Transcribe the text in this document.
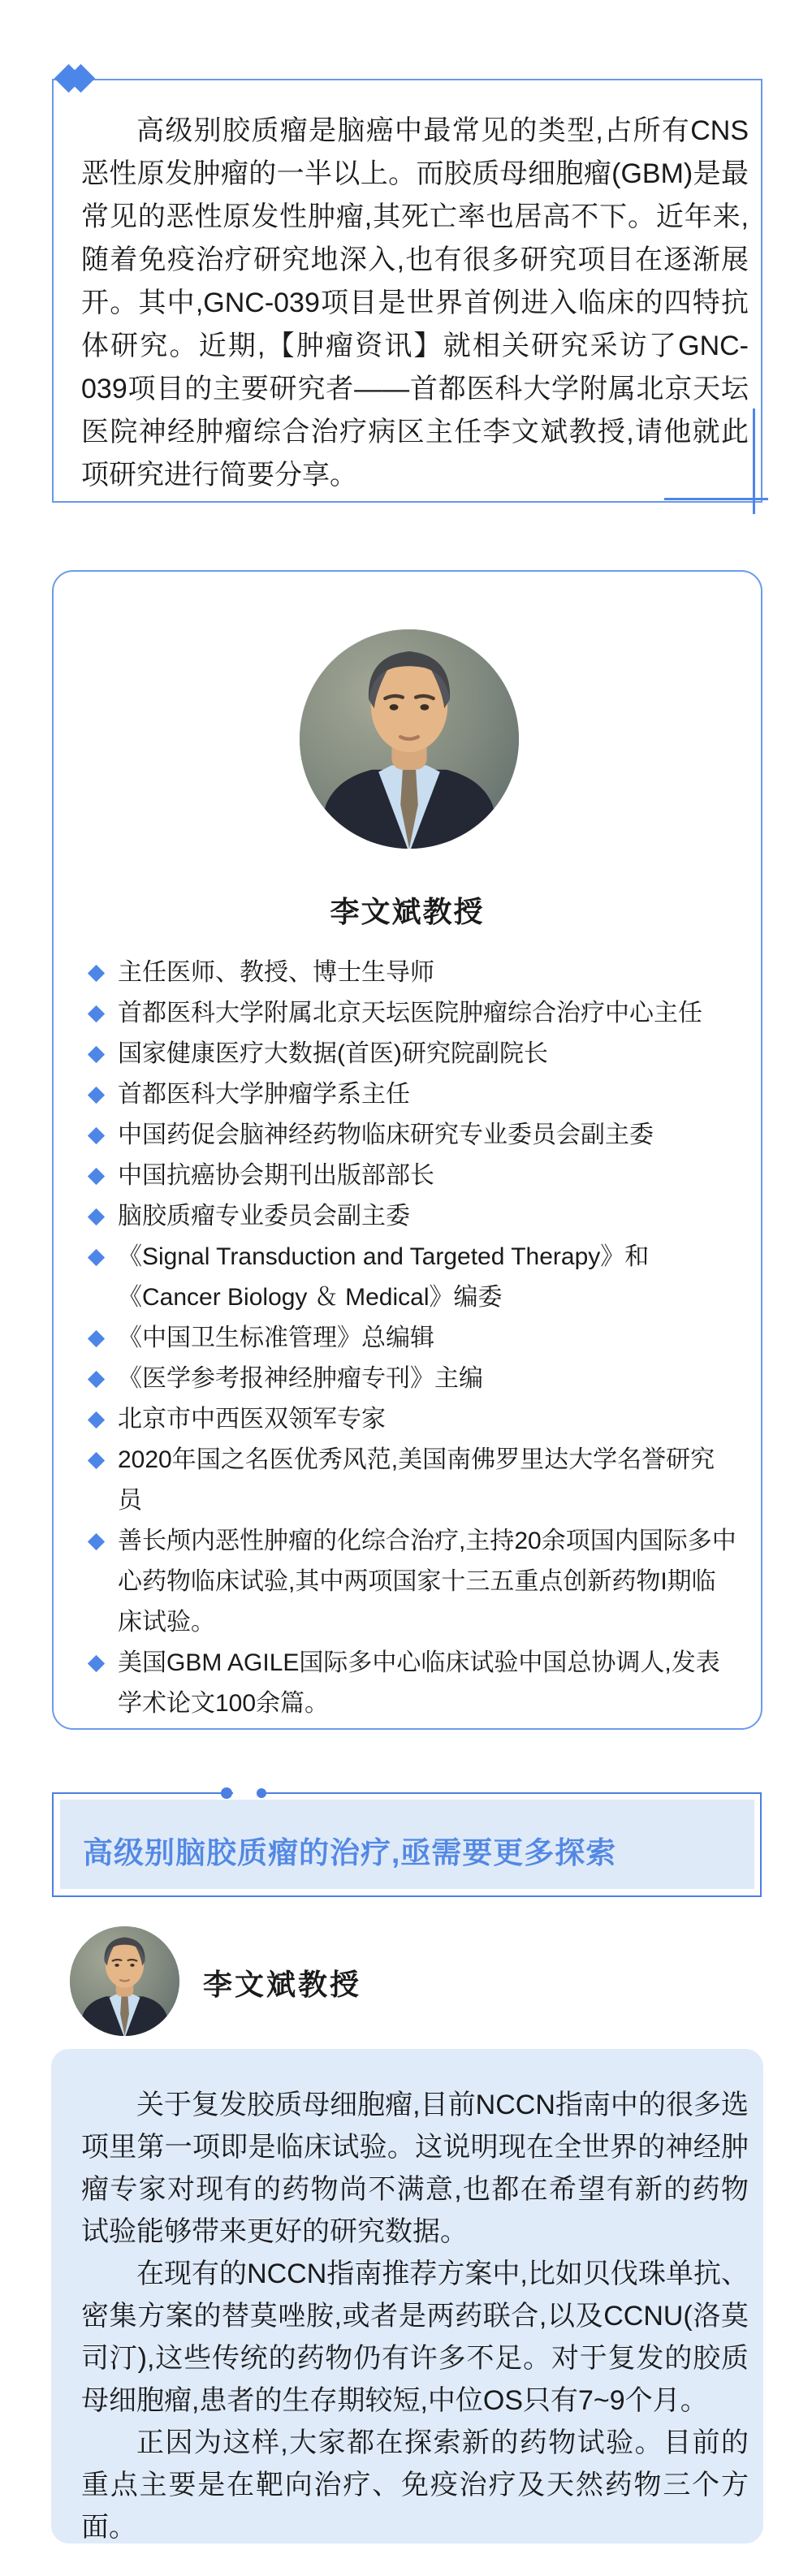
高级别胶质瘤是脑癌中最常见的类型,占所有CNS恶性原发肿瘤的一半以上。而胶质母细胞瘤(GBM)是最常见的恶性原发性肿瘤,其死亡率也居高不下。近年来,随着免疫治疗研究地深入,也有很多研究项目在逐渐展开。其中,GNC-039项目是世界首例进入临床的四特抗体研究。近期,【肿瘤资讯】就相关研究采访了GNC-039项目的主要研究者——首都医科大学附属北京天坛医院神经肿瘤综合治疗病区主任李文斌教授,请他就此项研究进行简要分享。

李文斌教授
主任医师、教授、博士生导师
首都医科大学附属北京天坛医院肿瘤综合治疗中心主任
国家健康医疗大数据(首医)研究院副院长
首都医科大学肿瘤学系主任
中国药促会脑神经药物临床研究专业委员会副主委
中国抗癌协会期刊出版部部长
脑胶质瘤专业委员会副主委
《Signal Transduction and Targeted Therapy》和《Cancer Biology ＆ Medical》编委
《中国卫生标准管理》总编辑
《医学参考报神经肿瘤专刊》主编
北京市中西医双领军专家
2020年国之名医优秀风范,美国南佛罗里达大学名誉研究员
善长颅内恶性肿瘤的化综合治疗,主持20余项国内国际多中心药物临床试验,其中两项国家十三五重点创新药物I期临床试验。
美国GBM AGILE国际多中心临床试验中国总协调人,发表学术论文100余篇。
高级别脑胶质瘤的治疗,亟需要更多探索
李文斌教授

关于复发胶质母细胞瘤,目前NCCN指南中的很多选项里第一项即是临床试验。这说明现在全世界的神经肿瘤专家对现有的药物尚不满意,也都在希望有新的药物试验能够带来更好的研究数据。

在现有的NCCN指南推荐方案中,比如贝伐珠单抗、密集方案的替莫唑胺,或者是两药联合,以及CCNU(洛莫司汀),这些传统的药物仍有许多不足。对于复发的胶质母细胞瘤,患者的生存期较短,中位OS只有7~9个月。

正因为这样,大家都在探索新的药物试验。目前的重点主要是在靶向治疗、免疫治疗及天然药物三个方面。
